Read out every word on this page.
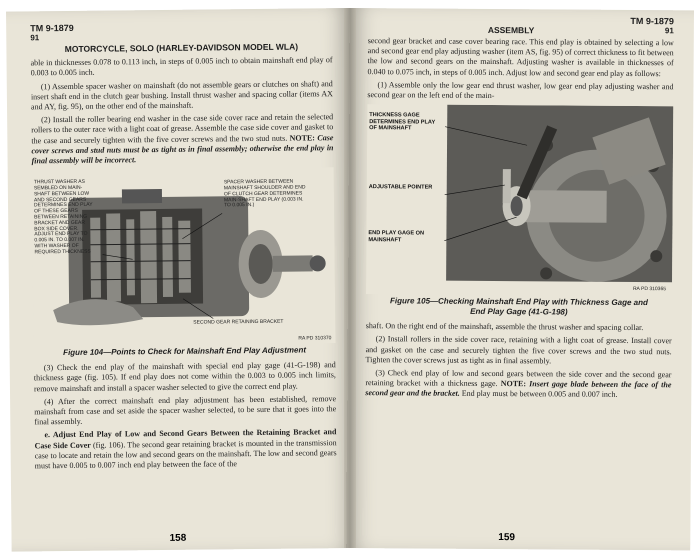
TM 9-1879
91
MOTORCYCLE, SOLO (HARLEY-DAVIDSON MODEL WLA)

able in thicknesses 0.078 to 0.113 inch, in steps of 0.005 inch to obtain mainshaft end play of 0.003 to 0.005 inch.

(1) Assemble spacer washer on mainshaft (do not assemble gears or clutches on shaft) and insert shaft end in the clutch gear bushing. Install thrust washer and spacing collar (items AX and AY, fig. 95), on the other end of the mainshaft.

(2) Install the roller bearing end washer in the case side cover race and retain the selected rollers to the outer race with a light coat of grease. Assemble the case side cover and gasket to the case and securely tighten with the five cover screws and the two stud nuts. NOTE: Case cover screws and stud nuts must be as tight as in final assembly; otherwise the end play in final assembly will be incorrect.

THRUST WASHER AS SEMBLED ON MAIN-SHAFT BETWEEN LOW AND SECOND GEARS DETERMINES END PLAY OF THESE GEARS BETWEEN RETAINING BRACKET AND GEAR BOX SIDE COVER. ADJUST END PLAY TO 0.005 IN. TO 0.007 IN. WITH WASHER OF REQUIRED THICKNESS
SPACER WASHER BETWEEN MAINSHAFT SHOULDER AND END OF CLUTCH GEAR DETERMINES MAIN-SHAFT END PLAY (0.003 IN. TO 0.005 IN.)
SECOND GEAR RETAINING BRACKET
RA PD 310370
Figure 104—Points to Check for Mainshaft End Play Adjustment

(3) Check the end play of the mainshaft with special end play gage (41-G-198) and thickness gage (fig. 105). If end play does not come within the 0.003 to 0.005 inch limits, remove mainshaft and install a spacer washer selected to give the correct end play.

(4) After the correct mainshaft end play adjustment has been established, remove mainshaft from case and set aside the spacer washer selected, to be sure that it goes into the final assembly.

e. Adjust End Play of Low and Second Gears Between the Retaining Bracket and Case Side Cover (fig. 106). The second gear retaining bracket is mounted in the transmission case to locate and retain the low and second gears on the mainshaft. The low and second gears must have 0.005 to 0.007 inch end play between the face of the

158
ASSEMBLY
TM 9-1879
91

second gear bracket and case cover bearing race. This end play is obtained by selecting a low and second gear end play adjusting washer (item AS, fig. 95) of correct thickness to fit between the low and second gears on the mainshaft. Adjusting washer is available in thicknesses of 0.040 to 0.075 inch, in steps of 0.005 inch. Adjust low and second gear end play as follows:

(1) Assemble only the low gear end thrust washer, low gear end play adjusting washer and second gear on the left end of the main-

THICKNESS GAGE DETERMINES END PLAY OF MAINSHAFT
ADJUSTABLE POINTER
END PLAY GAGE ON MAINSHAFT
RA PD 310365
Figure 105—Checking Mainshaft End Play with Thickness Gage and
End Play Gage (41-G-198)

shaft. On the right end of the mainshaft, assemble the thrust washer and spacing collar.

(2) Install rollers in the side cover race, retaining with a light coat of grease. Install cover and gasket on the case and securely tighten the five cover screws and the two stud nuts. Tighten the cover screws just as tight as in final assembly.

(3) Check end play of low and second gears between the side cover and the second gear retaining bracket with a thickness gage. NOTE: Insert gage blade between the face of the second gear and the bracket. End play must be between 0.005 and 0.007 inch.

159
